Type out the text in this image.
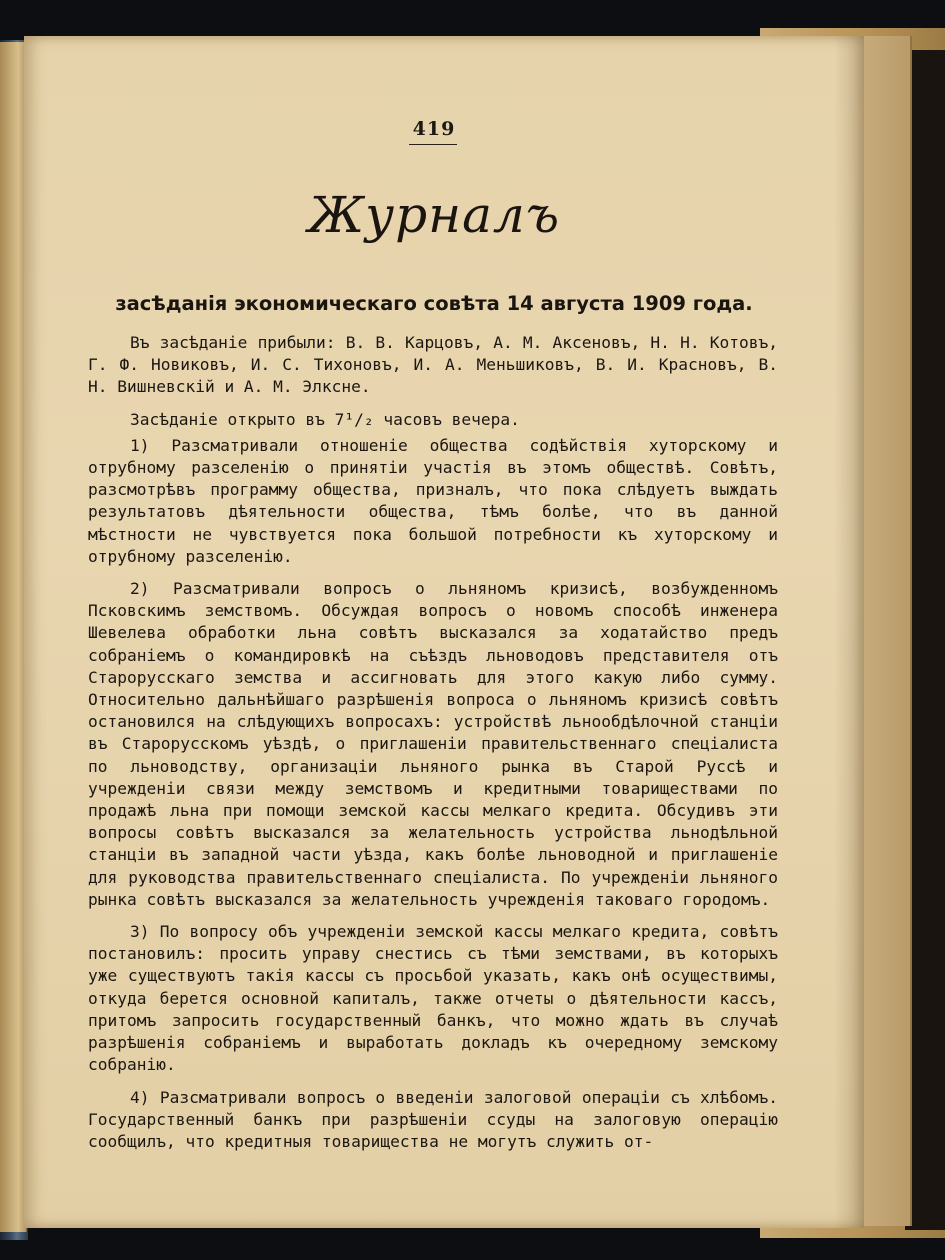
419
Журналъ
засѣданія экономическаго совѣта 14 августа 1909 года.

Въ засѣданіе прибыли: В. В. Карцовъ, А. М. Аксеновъ, Н. Н. Котовъ, Г. Ф. Новиковъ, И. С. Тихоновъ, И. А. Меньшиковъ, В. И. Красновъ, В. Н. Вишневскій и А. М. Элксне.

Засѣданіе открыто въ 7¹/₂ часовъ вечера.

1) Разсматривали отношеніе общества содѣйствія хуторскому и отрубному разселенію о принятіи участія въ этомъ обществѣ. Совѣтъ, разсмотрѣвъ программу общества, призналъ, что пока слѣдуетъ выждать результатовъ дѣятельности общества, тѣмъ болѣе, что въ данной мѣстности не чувствуется пока большой потребности къ хуторскому и отрубному разселенію.

2) Разсматривали вопросъ о льняномъ кризисѣ, возбужденномъ Псковскимъ земствомъ. Обсуждая вопросъ о новомъ способѣ инженера Шевелева обработки льна совѣтъ высказался за ходатайство предъ собраніемъ о командировкѣ на съѣздъ льноводовъ представителя отъ Старорусскаго земства и ассигновать для этого какую либо сумму. Относительно дальнѣйшаго разрѣшенія вопроса о льняномъ кризисѣ совѣтъ остановился на слѣдующихъ вопросахъ: устройствѣ льнообдѣлочной станціи въ Старорусскомъ уѣздѣ, о приглашеніи правительственнаго спеціалиста по льноводству, организаціи льняного рынка въ Старой Руссѣ и учрежденіи связи между земствомъ и кредитными товариществами по продажѣ льна при помощи земской кассы мелкаго кредита. Обсудивъ эти вопросы совѣтъ высказался за желательность устройства льнодѣльной станціи въ западной части уѣзда, какъ болѣе льноводной и приглашеніе для руководства правительственнаго спеціалиста. По учрежденіи льняного рынка совѣтъ высказался за желательность учрежденія таковаго городомъ.

3) По вопросу объ учрежденіи земской кассы мелкаго кредита, совѣтъ постановилъ: просить управу снестись съ тѣми земствами, въ которыхъ уже существуютъ такія кассы съ просьбой указать, какъ онѣ осуществимы, откуда берется основной капиталъ, также отчеты о дѣятельности кассъ, притомъ запросить государственный банкъ, что можно ждать въ случаѣ разрѣшенія собраніемъ и выработать докладъ къ очередному земскому собранію.

4) Разсматривали вопросъ о введеніи залоговой операціи съ хлѣбомъ. Государственный банкъ при разрѣшеніи ссуды на залоговую операцію сообщилъ, что кредитныя товарищества не могутъ служить от-
